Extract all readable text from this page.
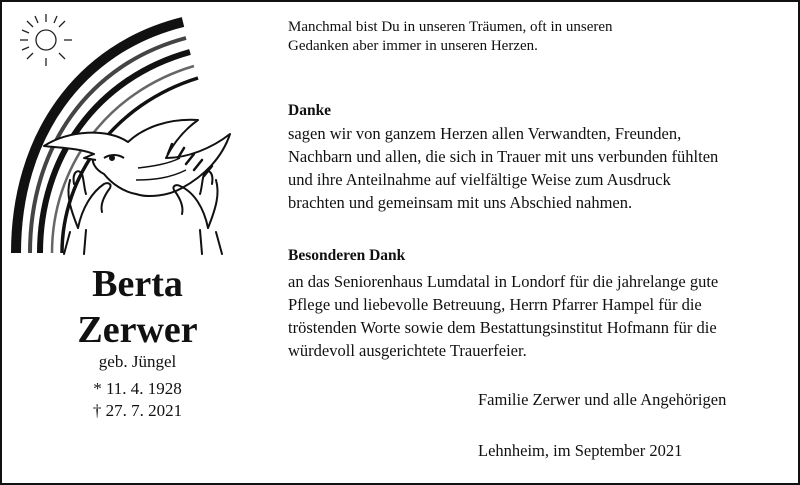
Berta
Zerwer
geb. Jüngel
* 11. 4. 1928
† 27. 7. 2021

Manchmal bist Du in unseren Träumen, oft in unseren

Gedanken aber immer in unseren Herzen.

Danke

sagen wir von ganzem Herzen allen Verwandten, Freunden,

Nachbarn und allen, die sich in Trauer mit uns verbunden fühlten

und ihre Anteilnahme auf vielfältige Weise zum Ausdruck

brachten und gemeinsam mit uns Abschied nahmen.

Besonderen Dank

an das Seniorenhaus Lumdatal in Londorf für die jahrelange gute

Pflege und liebevolle Betreuung, Herrn Pfarrer Hampel für die

tröstenden Worte sowie dem Bestattungsinstitut Hofmann für die

würdevoll ausgerichtete Trauerfeier.

Familie Zerwer und alle Angehörigen
Lehnheim, im September 2021
